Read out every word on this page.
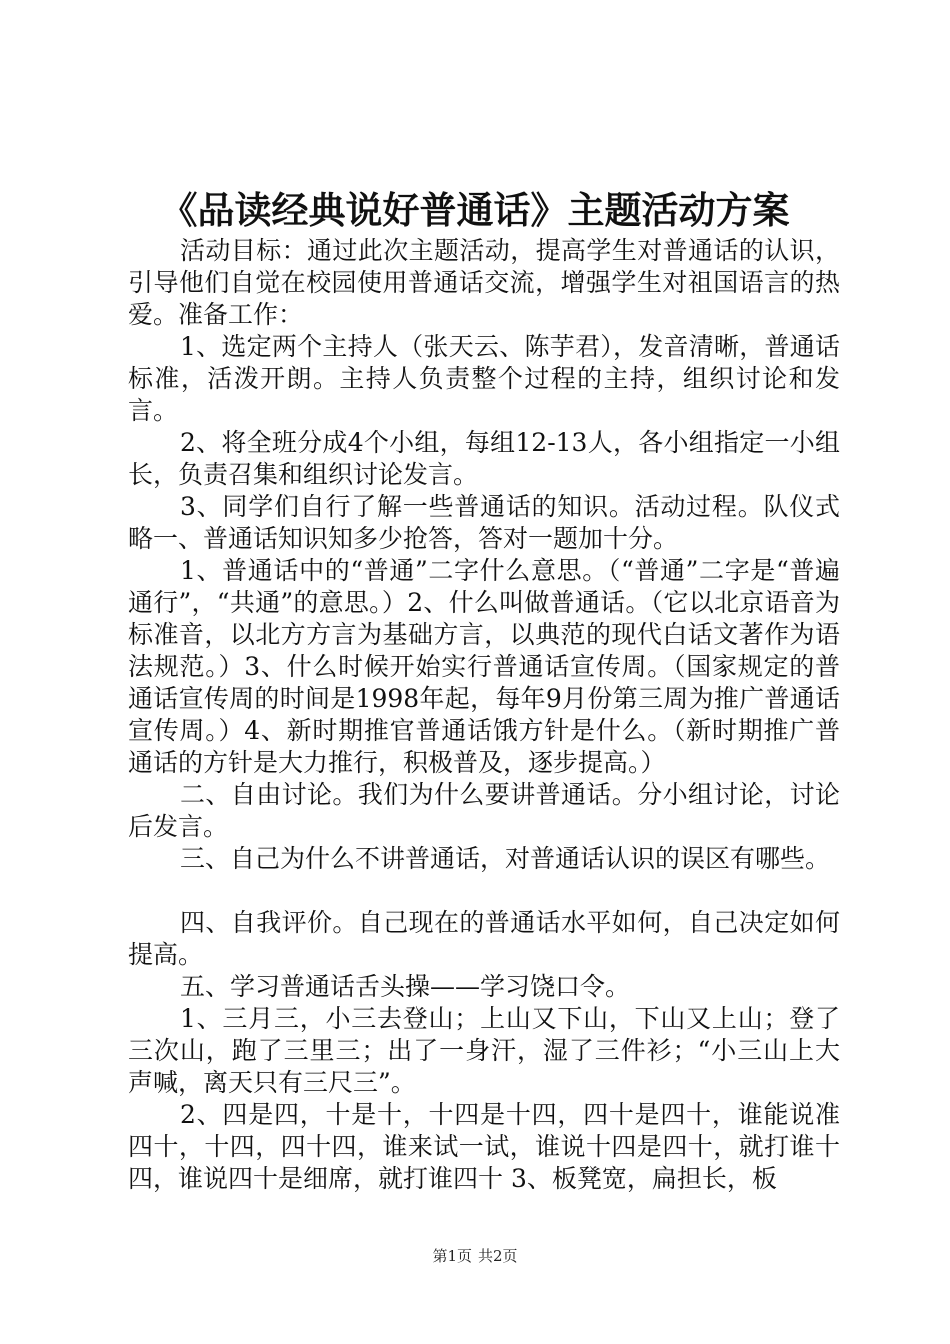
《品读经典说好普通话》主题活动方案

活动目标：通过此次主题活动，提高学生对普通话的认识，引导他们自觉在校园使用普通话交流，增强学生对祖国语言的热爱。准备工作：

1、选定两个主持人（张天云、陈芋君），发音清晰，普通话标准，活泼开朗。主持人负责整个过程的主持，组织讨论和发言。

2、将全班分成4个小组，每组12-13人，各小组指定一小组长，负责召集和组织讨论发言。

3、同学们自行了解一些普通话的知识。活动过程。队仪式略一、普通话知识知多少抢答，答对一题加十分。

1、普通话中的“普通”二字什么意思。（“普通”二字是“普遍通行”，“共通”的意思。）2、什么叫做普通话。（它以北京语音为标准音，以北方方言为基础方言，以典范的现代白话文著作为语法规范。）3、什么时候开始实行普通话宣传周。（国家规定的普通话宣传周的时间是1998年起，每年9月份第三周为推广普通话宣传周。）4、新时期推官普通话饿方针是什么。（新时期推广普通话的方针是大力推行，积极普及，逐步提高。）

二、自由讨论。我们为什么要讲普通话。分小组讨论，讨论后发言。

三、自己为什么不讲普通话，对普通话认识的误区有哪些。

四、自我评价。自己现在的普通话水平如何，自己决定如何提高。

五、学习普通话舌头操——学习饶口令。

1、三月三，小三去登山；上山又下山，下山又上山；登了三次山，跑了三里三；出了一身汗，湿了三件衫；“小三山上大声喊，离天只有三尺三”。

2、四是四，十是十，十四是十四，四十是四十，谁能说准四十，十四，四十四，谁来试一试，谁说十四是四十，就打谁十四，谁说四十是细席，就打谁四十 3、板凳宽，扁担长，板

第1页 共2页
